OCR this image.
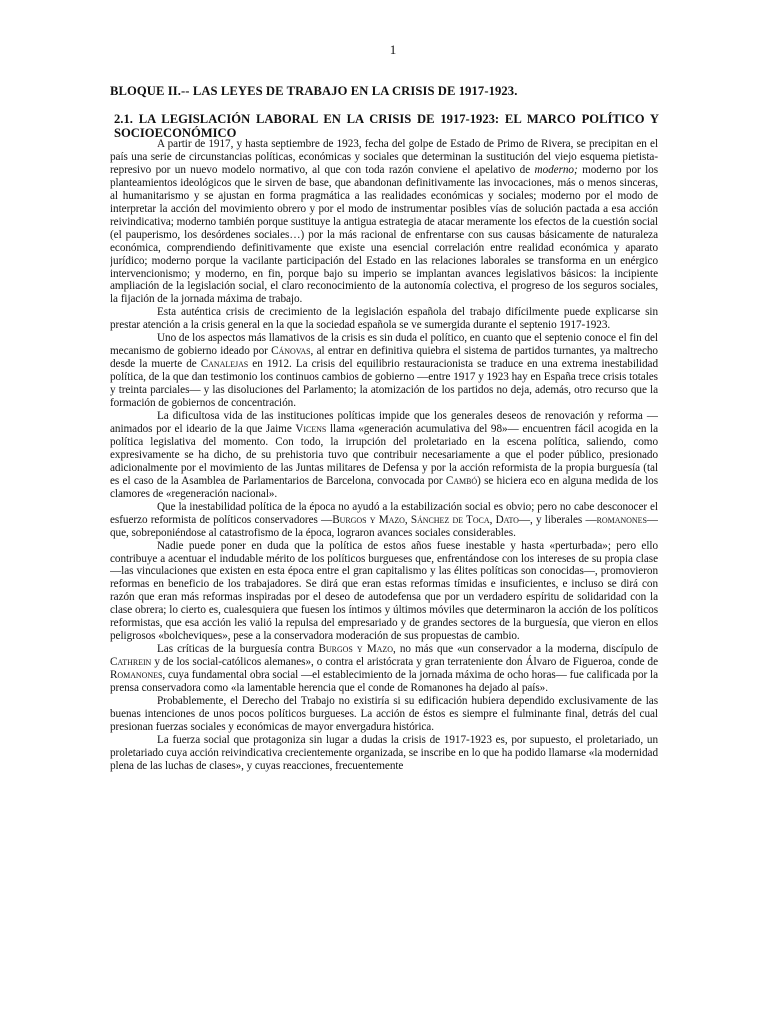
1
BLOQUE II.-- LAS LEYES DE TRABAJO EN LA CRISIS DE 1917-1923.
2.1. LA LEGISLACIÓN LABORAL EN LA CRISIS DE 1917-1923: EL MARCO POLÍTICO Y SOCIOECONÓMICO

A partir de 1917, y hasta septiembre de 1923, fecha del golpe de Estado de Primo de Rivera, se precipitan en el país una serie de circunstancias políticas, económicas y sociales que determinan la sustitución del viejo esquema pietista-represivo por un nuevo modelo normativo, al que con toda razón conviene el apelativo de moderno; moderno por los planteamientos ideológicos que le sirven de base, que abandonan definitivamente las invocaciones, más o menos sinceras, al humanitarismo y se ajustan en forma pragmática a las realidades económicas y sociales; moderno por el modo de interpretar la acción del movimiento obrero y por el modo de instrumentar posibles vías de solución pactada a esa acción reivindicativa; moderno también porque sustituye la antigua estrategia de atacar meramente los efectos de la cuestión social (el pauperismo, los desórdenes sociales…) por la más racional de enfrentarse con sus causas básicamente de naturaleza económica, comprendiendo definitivamente que existe una esencial correlación entre realidad económica y aparato jurídico; moderno porque la vacilante participación del Estado en las relaciones laborales se transforma en un enérgico intervencionismo; y moderno, en fin, porque bajo su imperio se implantan avances legislativos básicos: la incipiente ampliación de la legislación social, el claro reconocimiento de la autonomía colectiva, el progreso de los seguros sociales, la fijación de la jornada máxima de trabajo.

Esta auténtica crisis de crecimiento de la legislación española del trabajo difícilmente puede explicarse sin prestar atención a la crisis general en la que la sociedad española se ve sumergida durante el septenio 1917-1923.

Uno de los aspectos más llamativos de la crisis es sin duda el político, en cuanto que el septenio conoce el fin del mecanismo de gobierno ideado por Cánovas, al entrar en definitiva quiebra el sistema de partidos turnantes, ya maltrecho desde la muerte de Canalejas en 1912. La crisis del equilibrio restauracionista se traduce en una extrema inestabilidad política, de la que dan testimonio los continuos cambios de gobierno —entre 1917 y 1923 hay en España trece crisis totales y treinta parciales— y las disoluciones del Parlamento; la atomización de los partidos no deja, además, otro recurso que la formación de gobiernos de concentración.

La dificultosa vida de las instituciones políticas impide que los generales deseos de renovación y reforma —animados por el ideario de la que Jaime Vicens llama «generación acumulativa del 98»— encuentren fácil acogida en la política legislativa del momento. Con todo, la irrupción del proletariado en la escena política, saliendo, como expresivamente se ha dicho, de su prehistoria tuvo que contribuir necesariamente a que el poder público, presionado adicionalmente por el movimiento de las Juntas militares de Defensa y por la acción reformista de la propia burguesía (tal es el caso de la Asamblea de Parlamentarios de Barcelona, convocada por Cambó) se hiciera eco en alguna medida de los clamores de «regeneración nacional».

Que la inestabilidad política de la época no ayudó a la estabilización social es obvio; pero no cabe desconocer el esfuerzo reformista de políticos conservadores —Burgos y Mazo, Sánchez de Toca, Dato—, y liberales —romanones— que, sobreponiéndose al catastrofismo de la época, lograron avances sociales considerables.

Nadie puede poner en duda que la política de estos años fuese inestable y hasta «perturbada»; pero ello contribuye a acentuar el indudable mérito de los políticos burgueses que, enfrentándose con los intereses de su propia clase —las vinculaciones que existen en esta época entre el gran capitalismo y las élites políticas son conocidas—, promovieron reformas en beneficio de los trabajadores. Se dirá que eran estas reformas tímidas e insuficientes, e incluso se dirá con razón que eran más reformas inspiradas por el deseo de autodefensa que por un verdadero espíritu de solidaridad con la clase obrera; lo cierto es, cualesquiera que fuesen los íntimos y últimos móviles que determinaron la acción de los políticos reformistas, que esa acción les valió la repulsa del empresariado y de grandes sectores de la burguesía, que vieron en ellos peligrosos «bolcheviques», pese a la conservadora moderación de sus propuestas de cambio.

Las críticas de la burguesía contra Burgos y Mazo, no más que «un conservador a la moderna, discípulo de Cathrein y de los social-católicos alemanes», o contra el aristócrata y gran terrateniente don Álvaro de Figueroa, conde de Romanones, cuya fundamental obra social —el establecimiento de la jornada máxima de ocho horas— fue calificada por la prensa conservadora como «la lamentable herencia que el conde de Romanones ha dejado al país».

Probablemente, el Derecho del Trabajo no existiría si su edificación hubiera dependido exclusivamente de las buenas intenciones de unos pocos políticos burgueses. La acción de éstos es siempre el fulminante final, detrás del cual presionan fuerzas sociales y económicas de mayor envergadura histórica.

La fuerza social que protagoniza sin lugar a dudas la crisis de 1917-1923 es, por supuesto, el proletariado, un proletariado cuya acción reivindicativa crecientemente organizada, se inscribe en lo que ha podido llamarse «la modernidad plena de las luchas de clases», y cuyas reacciones, frecuentemente
